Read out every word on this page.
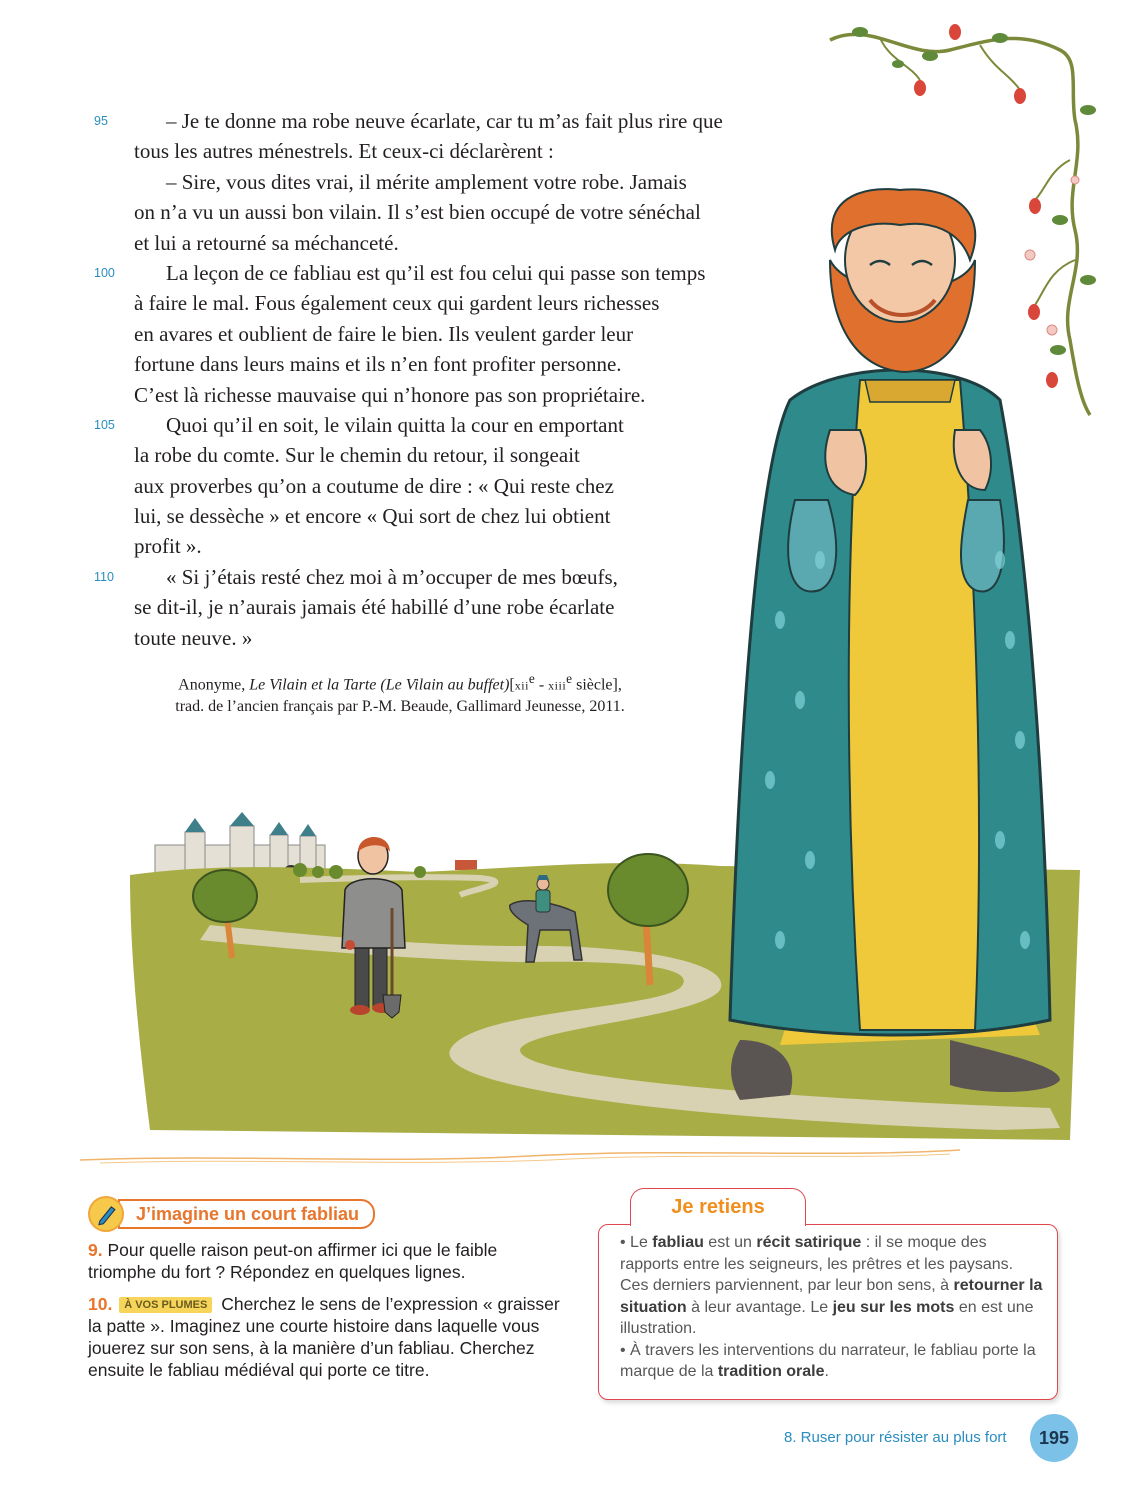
95	– Je te donne ma robe neuve écarlate, car tu m’as fait plus rire que
tous les autres ménestrels. Et ceux-ci déclarèrent :
– Sire, vous dites vrai, il mérite amplement votre robe. Jamais
on n’a vu un aussi bon vilain. Il s’est bien occupé de votre sénéchal
et lui a retourné sa méchanceté.
100 La leçon de ce fabliau est qu’il est fou celui qui passe son temps
à faire le mal. Fous également ceux qui gardent leurs richesses
en avares et oublient de faire le bien. Ils veulent garder leur
fortune dans leurs mains et ils n’en font profiter personne.
C’est là richesse mauvaise qui n’honore pas son propriétaire.
105 Quoi qu’il en soit, le vilain quitta la cour en emportant
la robe du comte. Sur le chemin du retour, il songeait
aux proverbes qu’on a coutume de dire : « Qui reste chez
lui, se dessèche » et encore « Qui sort de chez lui obtient
profit ».
110 « Si j’étais resté chez moi à m’occuper de mes bœufs,
se dit-il, je n’aurais jamais été habillé d’une robe écarlate
toute neuve. »
Anonyme, Le Vilain et la Tarte (Le Vilain au buffet)[xii$^e$ - xiii$^e$ siècle],
trad. de l’ancien français par P.-M. Beaude, Gallimard Jeunesse, 2011.
J’imagine un court fabliau

9. Pour quelle raison peut-on affirmer ici que le faible triomphe du fort ? Répondez en quelques lignes.

10. À VOS PLUMES Cherchez le sens de l’expression « graisser la patte ». Imaginez une courte histoire dans laquelle vous jouerez sur son sens, à la manière d’un fabliau. Cherchez ensuite le fabliau médiéval qui porte ce titre.

Je retiens
• Le fabliau est un récit satirique : il se moque des rapports entre les seigneurs, les prêtres et les paysans. Ces derniers parviennent, par leur bon sens, à retourner la situation à leur avantage. Le jeu sur les mots en est une illustration.
• À travers les interventions du narrateur, le fabliau porte la marque de la tradition orale.
8. Ruser pour résister au plus fort	195
